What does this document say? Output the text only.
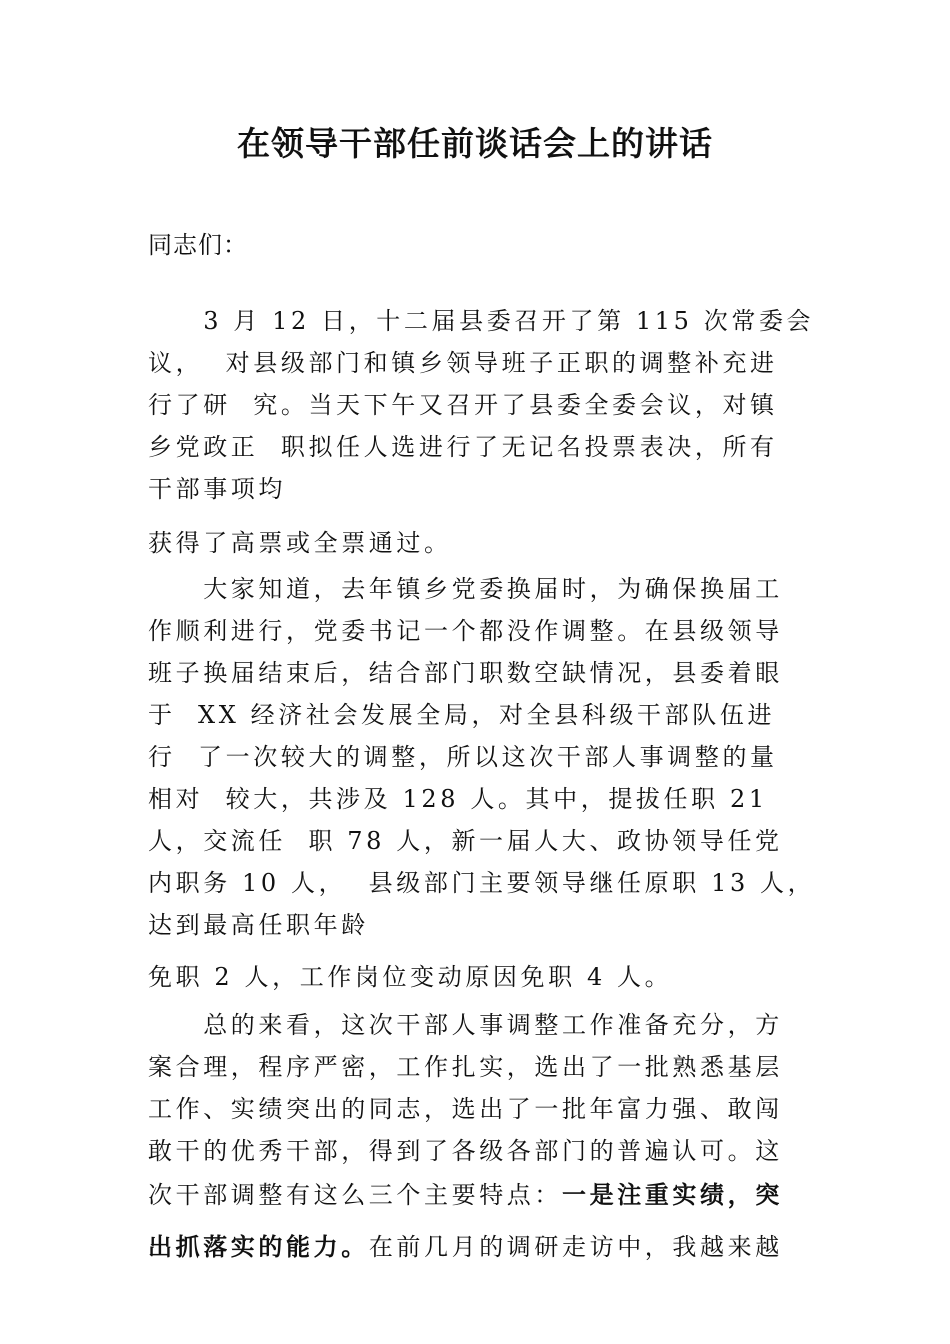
在领导干部任前谈话会上的讲话
同志们：
　　3 月 12 日，十二届县委召开了第 115 次常委会
议，  对县级部门和镇乡领导班子正职的调整补充进
行了研  究。当天下午又召开了县委全委会议，对镇
乡党政正  职拟任人选进行了无记名投票表决，所有
干部事项均
获得了高票或全票通过。
　　大家知道，去年镇乡党委换届时，为确保换届工
作顺利进行，党委书记一个都没作调整。在县级领导
班子换届结束后，结合部门职数空缺情况，县委着眼
于  XX 经济社会发展全局，对全县科级干部队伍进
行  了一次较大的调整，所以这次干部人事调整的量
相对  较大，共涉及 128 人。其中，提拔任职 21
人，交流任  职 78 人，新一届人大、政协领导任党
内职务 10 人，  县级部门主要领导继任原职 13 人，
达到最高任职年龄
免职 2 人，工作岗位变动原因免职 4 人。
　　总的来看，这次干部人事调整工作准备充分，方
案合理，程序严密，工作扎实，选出了一批熟悉基层
工作、实绩突出的同志，选出了一批年富力强、敢闯
敢干的优秀干部，得到了各级各部门的普遍认可。这
次干部调整有这么三个主要特点：一是注重实绩，突
出抓落实的能力。在前几月的调研走访中，我越来越
